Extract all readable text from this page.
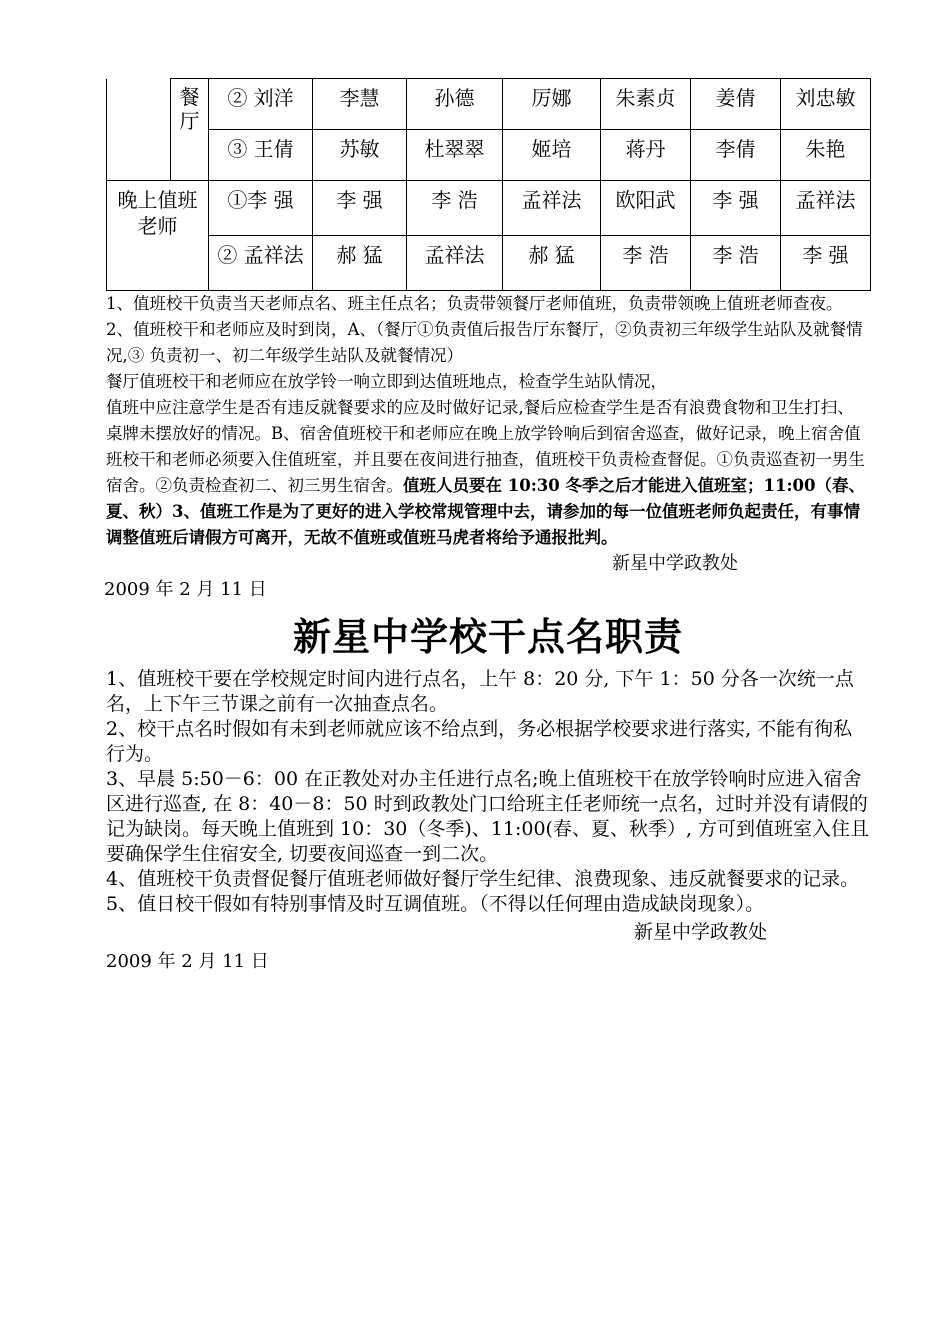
	餐厅	② 刘洋	李慧	孙德	厉娜	朱素贞	姜倩	刘忠敏
		③ 王倩	苏敏	杜翠翠	姬培	蒋丹	李倩	朱艳
晚上值班老师		①李 强	李 强	李 浩	孟祥法	欧阳武	李 强	孟祥法
		② 孟祥法	郝 猛	孟祥法	郝 猛	李 浩	李 浩	李 强

1、值班校干负责当天老师点名、班主任点名；负责带领餐厅老师值班，负责带领晚上值班老师查夜。

2、值班校干和老师应及时到岗，A、（餐厅①负责值后报告厅东餐厅，②负责初三年级学生站队及就餐情况,③ 负责初一、初二年级学生站队及就餐情况）

餐厅值班校干和老师应在放学铃一响立即到达值班地点，检查学生站队情况，

值班中应注意学生是否有违反就餐要求的应及时做好记录,餐后应检查学生是否有浪费食物和卫生打扫、桌牌未摆放好的情况。B、宿舍值班校干和老师应在晚上放学铃响后到宿舍巡查，做好记录，晚上宿舍值班校干和老师必须要入住值班室，并且要在夜间进行抽查，值班校干负责检查督促。①负责巡查初一男生宿舍。②负责检查初二、初三男生宿舍。值班人员要在 10:30 冬季之后才能进入值班室；11:00（春、夏、秋）3、值班工作是为了更好的进入学校常规管理中去，请参加的每一位值班老师负起责任，有事情调整值班后请假方可离开，无故不值班或值班马虎者将给予通报批判。

新星中学政教处
2009 年 2 月 11 日
新星中学校干点名职责

1、值班校干要在学校规定时间内进行点名，上午 8：20 分, 下午 1：50 分各一次统一点名，上下午三节课之前有一次抽查点名。

2、校干点名时假如有未到老师就应该不给点到，务必根据学校要求进行落实, 不能有徇私行为。

3、早晨 5:50－6：00 在正教处对办主任进行点名;晚上值班校干在放学铃响时应进入宿舍区进行巡查, 在 8：40－8：50 时到政教处门口给班主任老师统一点名，过时并没有请假的记为缺岗。每天晚上值班到 10：30（冬季)、11:00(春、夏、秋季）, 方可到值班室入住且要确保学生住宿安全, 切要夜间巡查一到二次。

4、值班校干负责督促餐厅值班老师做好餐厅学生纪律、浪费现象、违反就餐要求的记录。

5、值日校干假如有特别事情及时互调值班。（不得以任何理由造成缺岗现象）。

新星中学政教处
2009 年 2 月 11 日
